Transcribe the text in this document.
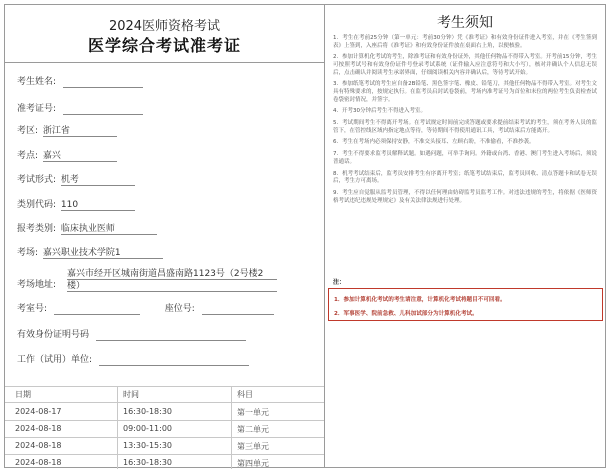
2024医师资格考试
医学综合考试准考证
考生姓名:
准考证号:
考区: 浙江省
考点: 嘉兴
考试形式: 机考
类别代码: 110
报考类别: 临床执业医师
考场: 嘉兴职业技术学院1
考场地址:
嘉兴市经开区城南街道昌盛南路1123号（2号楼2
楼）
考室号:	座位号:
有效身份证明号码
工作（试用）单位:
日期	时间	科目
2024-08-17	16:30-18:30	第一单元
2024-08-18	09:00-11:00	第二单元
2024-08-18	13:30-15:30	第三单元
2024-08-18	16:30-18:30	第四单元
考生须知
1．考生在考前25分钟（第一单元：考前30分钟）凭《准考证》和有效身份证件进入考室，并在《考生签到表》上签到，入座后将《准考证》和有效身份证件放在桌面右上角，以便核验。
2．参加计算机化考试的考生，除准考证和有效身份证外，其他任何物品不得带入考室。开考前15分钟，考生可按照考试号和有效身份证件号登录考试系统（证件输入应注意符号和大小写），核对并确认个人信息无误后，点击确认并阅读考生承诺界面，仔细阅读相关内容并确认后，等待考试开始。
3．参加纸笔考试的考生应自备2B铅笔、黑色签字笔、橡皮、铅笔刀，其他任何物品不得带入考室。对考生文具有特殊要求的，按规定执行。在监考员启封试卷袋前，考场内准考证号为首位和末位的两位考生负责检查试卷袋密封情况，并签字。
4．开考30分钟后考生不得进入考室。
5．考试期间考生不得离开考场。在考试规定时间前完成答题或要求提前结束考试的考生，须在考务人员的监管下，在管控线区域内指定地点等待，等待期间不得使用通讯工具，考试结束后方能离开。
6．考生在考场内必须保持安静，不准交头接耳、左顾右盼，不准偷看，不准抄袭。
7．考生不得要求监考员解释试题。如遇问题，可举手询问。外籍或台湾、香港、澳门考生进入考场后，须说普通话。
8．机考考试结束后，监考员安排考生有序离开考室；纸笔考试结束后，监考员回收、清点答题卡和试卷无误后，考生方可离场。
9．考生应自觉服从监考员管理，不得以任何理由妨碍监考员监考工作。对违法违规的考生，将依据《医师资格考试违纪违规处理规定》及有关法律法规进行处理。
注：
1．参加计算机化考试的考生请注意，计算机化考试将题目不可回看。
2．军事医学、院前急救、儿科加试部分为计算机化考试。
